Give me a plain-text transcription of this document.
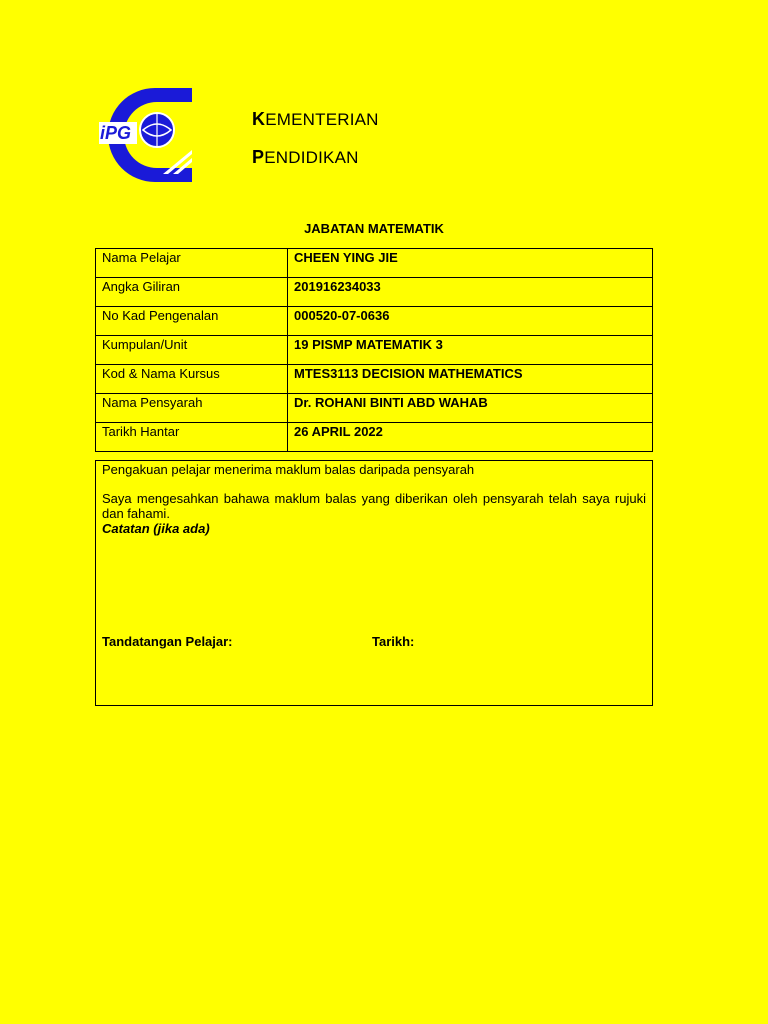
iPG
KEMENTERIAN
PENDIDIKAN
JABATAN MATEMATIK
Nama Pelajar	CHEEN YING JIE
Angka Giliran	201916234033
No Kad Pengenalan	000520-07-0636
Kumpulan/Unit	19 PISMP MATEMATIK 3
Kod & Nama Kursus	MTES3113 DECISION MATHEMATICS
Nama Pensyarah	Dr. ROHANI BINTI ABD WAHAB
Tarikh Hantar	26 APRIL 2022

Pengakuan pelajar menerima maklum balas daripada pensyarah

Saya mengesahkan bahawa maklum balas yang diberikan oleh pensyarah telah saya rujuki dan fahami.

Catatan (jika ada)

Tandatangan Pelajar:	Tarikh:
